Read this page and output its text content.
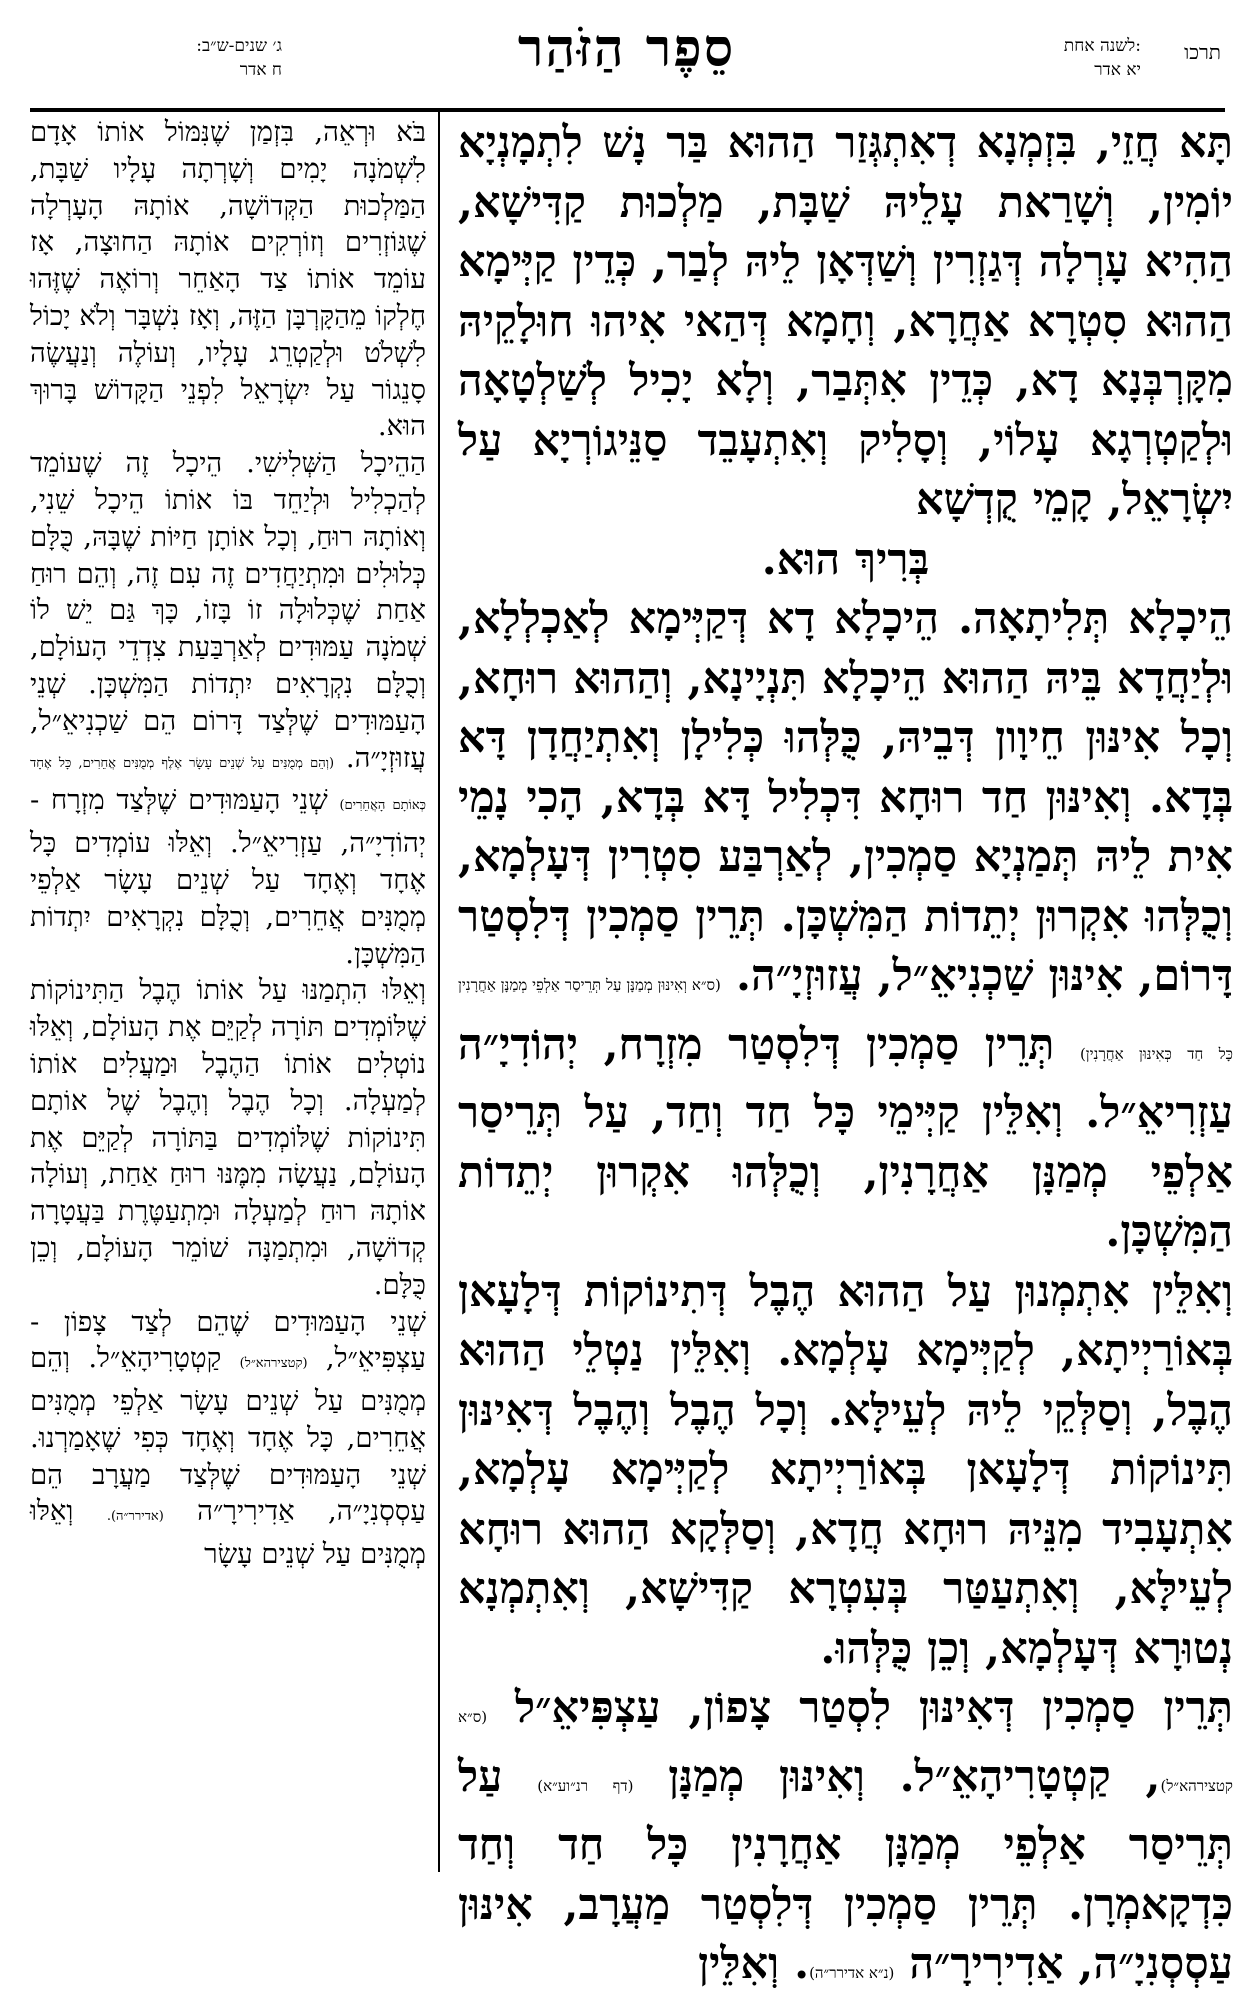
תרכו
לשנה אחת:
יא אדר
סֵפֶר הַזֹּהַר
ג׳ שנים-ש״ב:
ח אדר

תָּא חֲזֵי, בִּזְמְנָא דְאִתְגְּזַר הַהוּא בַּר נָשׁ לִתְמָנְיָא יוֹמִין, וְשָׁרַאת עָלֵיהּ שַׁבָּת, מַלְכוּת קַדִּישָׁא, הַהִיא עָרְלָה דְּגַזְרִין וְשַׁדְּאָן לֵיהּ לְבַר, כְּדֵין קַיְּימָא הַהוּא סִטְרָא אַחֲרָא, וְחָמָא דְּהַאי אִיהוּ חוּלָקֵיהּ מִקָּרְבְּנָא דָא, כְּדֵין אִתְּבַר, וְלָא יָכִיל לְשַׁלְטָאָה וּלְקַטְרְגָא עָלוֹי, וְסָלִיק וְאִתְעָבֵד סַנֵּיגוֹרְיָא עַל יִשְׂרָאֵל, קָמֵי קֻדְשָׁא

בְּרִיךְ הוּא.

הֵיכָלָא תְּלִיתָאָה. הֵיכָלָא דָא דְּקַיְּימָא לְאַכְלְלָא, וּלְיַחֲדָא בֵּיהּ הַהוּא הֵיכָלָא תִּנְיָינָא, וְהַהוּא רוּחָא, וְכָל אִינּוּן חֵיוָון דְּבֵיהּ, כֻּלְּהוּ כְּלִילָן וְאִתְיַחֲדָן דָּא בְּדָא. וְאִינּוּן חַד רוּחָא דִּכְלִיל דָּא בְּדָא, הָכִי נָמֵי אִית לֵיהּ תְּמַנְיָא סַמְכִין, לְאַרְבַּע סִטְרִין דְּעָלְמָא, וְכֻלְּהוּ אִקְרוּן יְתֵדוֹת הַמִּשְׁכָּן. תְּרֵין סַמְכִין דְּלִסְטַר דָּרוֹם, אִינּוּן שַׁכְנִיאֵ״ל, עֲזוּזְיָ״ה. (ס״א וְאִינּוּן מְמַנָּן עַל תְּרֵיסַר אַלְפֵי מְמַנָּן אַחֲרָנִין כָּל חַד כְּאִינּוּן אַחֲרָנִין) תְּרֵין סַמְכִין דְּלִסְטַר מִזְרָח, יְהוֹדִיָ״ה עַזְרִיאֵ״ל. וְאִלֵּין קַיְּימֵי כָּל חַד וְחַד, עַל תְּרֵיסַר אַלְפֵי מְמַנָּן אַחֲרָנִין, וְכֻלְּהוּ אִקְרוּן יְתֵדוֹת הַמִּשְׁכָּן.

וְאִלֵּין אִתְמְנוּן עַל הַהוּא הֶבֶל דְּתִינוֹקוֹת דְּלָעָאן בְּאוֹרַיְיתָא, לְקַיְּימָא עָלְמָא. וְאִלֵּין נַטְלֵי הַהוּא הֶבֶל, וְסַלְּקֵי לֵיהּ לְעֵילָּא. וְכָל הֶבֶל וְהֶבֶל דְּאִינּוּן תִּינוֹקוֹת דְּלָעָאן בְּאוֹרַיְיתָא לְקַיְּימָא עָלְמָא, אִתְעָבִיד מִנֵּיהּ רוּחָא חֲדָא, וְסַלְּקָא הַהוּא רוּחָא לְעֵילָּא, וְאִתְעַטַּר בְּעִטְרָא קַדִּישָׁא, וְאִתְמְנָא נְטוּרָא דְּעָלְמָא, וְכֵן כֻּלְּהוּ.

תְּרֵין סַמְכִין דְּאִינּוּן לִסְטַר צָפוֹן, עַצְפִּיאֵ״ל (ס״א קטצירהא״ל), קַטְטָרִיהָאֵ״ל. וְאִינּוּן מְמַנָּן (דף רנ״וע״א) עַל תְּרֵיסַר אַלְפֵי מְמַנָּן אַחֲרָנִין כָּל חַד וְחַד כִּדְקָאמְרָן. תְּרֵין סַמְכִין דְּלִסְטַר מַעֲרָב, אִינּוּן עַסְסְנִיָ״ה, אַדִירִירָ״ה (נ״א אדירר״ה). וְאִלֵּין

בֹּא וּרְאֵה, בִּזְמַן שֶׁנִּמּוֹל אוֹתוֹ אָדָם לִשְׁמֹנָה יָמִים וְשָׁרְתָה עָלָיו שַׁבָּת, הַמַּלְכוּת הַקְּדוֹשָׁה, אוֹתָהּ הָעָרְלָה שֶׁגּוֹזְרִים וְזוֹרְקִים אוֹתָהּ הַחוּצָה, אָז עוֹמֵד אוֹתוֹ צַד הָאַחֵר וְרוֹאֶה שֶׁזֶּהוּ חֶלְקוֹ מֵהַקָּרְבָּן הַזֶּה, וְאָז נִשְׁבָּר וְלֹא יָכוֹל לִשְׁלֹט וּלְקַטְרֵג עָלָיו, וְעוֹלֶה וְנַעֲשֶׂה סָנֵגוֹר עַל יִשְׂרָאֵל לִפְנֵי הַקָּדוֹשׁ בָּרוּךְ הוּא.

הַהֵיכָל הַשְּׁלִישִׁי. הֵיכָל זֶה שֶׁעוֹמֵד לְהַכְלִיל וּלְיַחֵד בּוֹ אוֹתוֹ הֵיכָל שֵׁנִי, וְאוֹתָהּ רוּחַ, וְכָל אוֹתָן חַיּוֹת שֶׁבָּהּ, כֻּלָּם כְּלוּלִים וּמִתְיַחֲדִים זֶה עִם זֶה, וְהֵם רוּחַ אַחַת שֶׁכְּלוּלָה זוֹ בָּזוֹ, כָּךְ גַּם יֵשׁ לוֹ שְׁמֹנָה עַמּוּדִים לְאַרְבַּעַת צִדְדֵי הָעוֹלָם, וְכֻלָּם נִקְרָאִים יִתְדוֹת הַמִּשְׁכָּן. שְׁנֵי הָעַמּוּדִים שֶׁלְּצַד דָּרוֹם הֵם שַׁכְנִיאֵ״ל, עֲזוּזְיָ״ה. (וְהֵם מְמֻנִּים עַל שְׁנֵים עָשָׂר אֶלֶף מְמֻנִּים אֲחֵרִים, כָּל אֶחָד כְּאוֹתָם הָאֲחֵרִים) שְׁנֵי הָעַמּוּדִים שֶׁלְּצַד מִזְרָח - יְהוֹדִיָ״ה, עַזְרִיאֵ״ל. וְאֵלּוּ עוֹמְדִים כָּל אֶחָד וְאֶחָד עַל שְׁנֵים עָשָׂר אַלְפֵי מְמֻנִּים אֲחֵרִים, וְכֻלָּם נִקְרָאִים יִתְדוֹת הַמִּשְׁכָּן.

וְאֵלּוּ הִתְמַנּוּ עַל אוֹתוֹ הֶבֶל הַתִּינוֹקוֹת שֶׁלּוֹמְדִים תּוֹרָה לְקַיֵּם אֶת הָעוֹלָם, וְאֵלּוּ נוֹטְלִים אוֹתוֹ הַהֶבֶל וּמַעֲלִים אוֹתוֹ לְמַעְלָה. וְכָל הֶבֶל וְהֶבֶל שֶׁל אוֹתָם תִּינוֹקוֹת שֶׁלּוֹמְדִים בַּתּוֹרָה לְקַיֵּם אֶת הָעוֹלָם, נַעֲשָׂה מִמֶּנּוּ רוּחַ אַחַת, וְעוֹלָה אוֹתָהּ רוּחַ לְמַעְלָה וּמִתְעַטֶּרֶת בַּעֲטָרָה קְדוֹשָׁה, וּמִתְמַנָּה שׁוֹמֵר הָעוֹלָם, וְכֵן כֻּלָּם.

שְׁנֵי הָעַמּוּדִים שֶׁהֵם לְצַד צָפוֹן - עַצְפִּיאֵ״ל, (קטצירהא״ל) קַטְטָרִיהָאֵ״ל. וְהֵם מְמֻנִּים עַל שְׁנֵים עָשָׂר אַלְפֵי מְמֻנִּים אֲחֵרִים, כָּל אֶחָד וְאֶחָד כְּפִי שֶׁאָמַרְנוּ. שְׁנֵי הָעַמּוּדִים שֶׁלְּצַד מַעֲרָב הֵם עַסְסְנִיָ״ה, אַדִירִירָ״ה (אדירר״ה). וְאֵלּוּ מְמֻנִּים עַל שְׁנֵים עָשָׂר
